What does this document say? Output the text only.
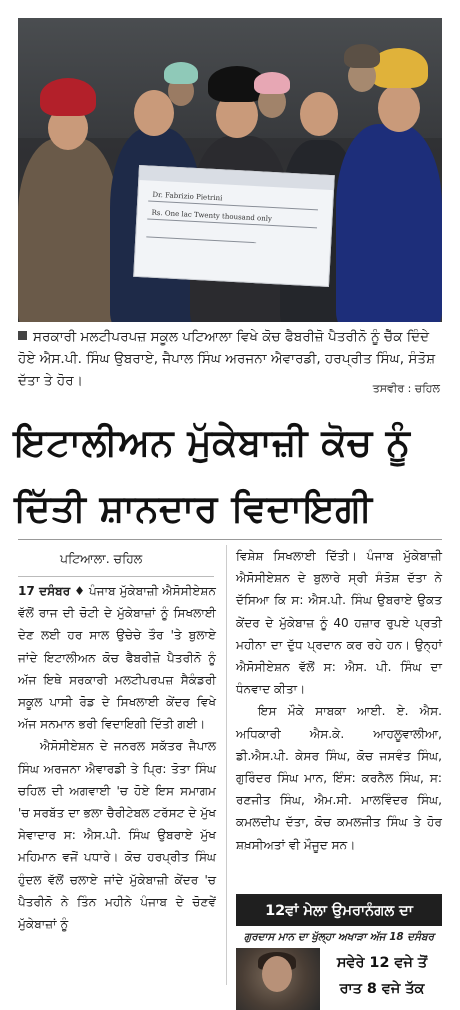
Dr. Fabrizio Pietrini
Rs. One lac Twenty thousand only
ਸਰਕਾਰੀ ਮਲਟੀਪਰਪਜ਼ ਸਕੂਲ ਪਟਿਆਲਾ ਵਿਖੇ ਕੋਚ ਫੈਬਰੀਜ਼ੋ ਪੈਤਰੀਨੋ ਨੂੰ ਚੈੱਕ ਦਿੰਦੇ ਹੋਏ ਐਸ.ਪੀ. ਸਿੰਘ ਉਬਰਾਏ, ਜੈਪਾਲ ਸਿੰਘ ਅਰਜਨਾ ਐਵਾਰਡੀ, ਹਰਪ੍ਰੀਤ ਸਿੰਘ, ਸੰਤੋਸ਼ ਦੱਤਾ ਤੇ ਹੋਰ।	ਤਸਵੀਰ : ਚਹਿਲ
ਇਟਾਲੀਅਨ ਮੁੱਕੇਬਾਜ਼ੀ ਕੋਚ ਨੂੰ
ਦਿੱਤੀ ਸ਼ਾਨਦਾਰ ਵਿਦਾਇਗੀ
ਪਟਿਆਲਾ. ਚਹਿਲ

17 ਦਸੰਬਰ ♦ ਪੰਜਾਬ ਮੁੱਕੇਬਾਜ਼ੀ ਐਸੋਸੀਏਸ਼ਨ ਵੱਲੋਂ ਰਾਜ ਦੀ ਚੋਟੀ ਦੇ ਮੁੱਕੇਬਾਜ਼ਾਂ ਨੂੰ ਸਿਖਲਾਈ ਦੇਣ ਲਈ ਹਰ ਸਾਲ ਉਚੇਚੇ ਤੌਰ 'ਤੇ ਬੁਲਾਏ ਜਾਂਦੇ ਇਟਾਲੀਅਨ ਕੋਚ ਫੈਬਰੀਜ਼ੋ ਪੈਤਰੀਨੋ ਨੂੰ ਅੱਜ ਇਥੇ ਸਰਕਾਰੀ ਮਲਟੀਪਰਪਜ਼ ਸੈਕੰਡਰੀ ਸਕੂਲ ਪਾਸੀ ਰੋਡ ਦੇ ਸਿਖਲਾਈ ਕੇਂਦਰ ਵਿਖੇ ਅੱਜ ਸਨਮਾਨ ਭਰੀ ਵਿਦਾਇਗੀ ਦਿੱਤੀ ਗਈ।

ਐਸੋਸੀਏਸ਼ਨ ਦੇ ਜਨਰਲ ਸਕੱਤਰ ਜੈਪਾਲ ਸਿੰਘ ਅਰਜਨਾ ਐਵਾਰਡੀ ਤੇ ਪ੍ਰਿ: ਤੋਤਾ ਸਿੰਘ ਚਹਿਲ ਦੀ ਅਗਵਾਈ 'ਚ ਹੋਏ ਇਸ ਸਮਾਗਮ 'ਚ ਸਰਬੱਤ ਦਾ ਭਲਾ ਚੈਰੀਟੇਬਲ ਟਰੱਸਟ ਦੇ ਮੁੱਖ ਸੇਵਾਦਾਰ ਸ: ਐਸ.ਪੀ. ਸਿੰਘ ਉਬਰਾਏ ਮੁੱਖ ਮਹਿਮਾਨ ਵਜੋਂ ਪਧਾਰੇ। ਕੋਚ ਹਰਪ੍ਰੀਤ ਸਿੰਘ ਹੁੰਦਲ ਵੱਲੋਂ ਚਲਾਏ ਜਾਂਦੇ ਮੁੱਕੇਬਾਜ਼ੀ ਕੇਂਦਰ 'ਚ ਪੈਤਰੀਨੋ ਨੇ ਤਿੰਨ ਮਹੀਨੇ ਪੰਜਾਬ ਦੇ ਚੋਣਵੇਂ ਮੁੱਕੇਬਾਜ਼ਾਂ ਨੂੰ

ਵਿਸ਼ੇਸ਼ ਸਿਖਲਾਈ ਦਿੱਤੀ। ਪੰਜਾਬ ਮੁੱਕੇਬਾਜ਼ੀ ਐਸੋਸੀਏਸ਼ਨ ਦੇ ਬੁਲਾਰੇ ਸ੍ਰੀ ਸੰਤੋਸ਼ ਦੱਤਾ ਨੇ ਦੱਸਿਆ ਕਿ ਸ: ਐਸ.ਪੀ. ਸਿੰਘ ਉਬਰਾਏ ਉਕਤ ਕੇਂਦਰ ਦੇ ਮੁੱਕੇਬਾਜ਼ ਨੂੰ 40 ਹਜ਼ਾਰ ਰੁਪਏ ਪ੍ਰਤੀ ਮਹੀਨਾ ਦਾ ਦੁੱਧ ਪ੍ਰਦਾਨ ਕਰ ਰਹੇ ਹਨ। ਉਨ੍ਹਾਂ ਐਸੋਸੀਏਸ਼ਨ ਵੱਲੋਂ ਸ: ਐਸ. ਪੀ. ਸਿੰਘ ਦਾ ਧੰਨਵਾਦ ਕੀਤਾ।

ਇਸ ਮੌਕੇ ਸਾਬਕਾ ਆਈ. ਏ. ਐਸ. ਅਧਿਕਾਰੀ ਐਸ.ਕੇ. ਆਹਲੂਵਾਲੀਆ, ਡੀ.ਐਸ.ਪੀ. ਕੇਸਰ ਸਿੰਘ, ਕੋਚ ਜਸਵੰਤ ਸਿੰਘ, ਗੁਰਿੰਦਰ ਸਿੰਘ ਮਾਨ, ਇੰਸ: ਕਰਨੈਲ ਸਿੰਘ, ਸ: ਰਣਜੀਤ ਸਿੰਘ, ਐਮ.ਸੀ. ਮਾਲਵਿੰਦਰ ਸਿੰਘ, ਕਮਲਦੀਪ ਦੱਤਾ, ਕੋਚ ਕਮਲਜੀਤ ਸਿੰਘ ਤੇ ਹੋਰ ਸ਼ਖ਼ਸੀਅਤਾਂ ਵੀ ਮੌਜੂਦ ਸਨ।

12ਵਾਂ ਮੇਲਾ ਉਮਰਾਨੰਗਲ ਦਾ
ਗੁਰਦਾਸ ਮਾਨ ਦਾ ਖੁੱਲ੍ਹਾ ਅਖਾੜਾ ਅੱਜ 18 ਦਸੰਬਰ
ਸਵੇਰੇ 12 ਵਜੇ ਤੋਂ
ਰਾਤ 8 ਵਜੇ ਤੱਕ
